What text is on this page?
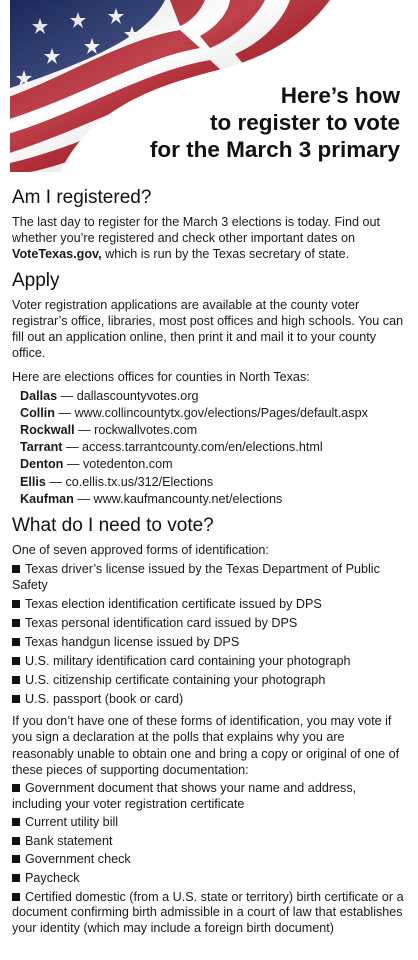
Here’s how
to register to vote
for the March 3 primary
Am I registered?

The last day to register for the March 3 elections is today. Find out whether you’re registered and check other important dates on VoteTexas.gov, which is run by the Texas secretary of state.

Apply

Voter registration applications are available at the county voter registrar’s office, libraries, most post offices and high schools. You can fill out an application online, then print it and mail it to your county office.

Here are elections offices for counties in North Texas:

Dallas — dallascountyvotes.org
Collin — www.collincountytx.gov/elections/Pages/default.aspx
Rockwall — rockwallvotes.com
Tarrant — access.tarrantcounty.com/en/elections.html
Denton — votedenton.com
Ellis — co.ellis.tx.us/312/Elections
Kaufman — www.kaufmancounty.net/elections
What do I need to vote?

One of seven approved forms of identification:

Texas driver’s license issued by the Texas Department of Public Safety
Texas election identification certificate issued by DPS
Texas personal identification card issued by DPS
Texas handgun license issued by DPS
U.S. military identification card containing your photograph
U.S. citizenship certificate containing your photograph
U.S. passport (book or card)

If you don’t have one of these forms of identification, you may vote if you sign a declaration at the polls that explains why you are reasonably unable to obtain one and bring a copy or original of one of these pieces of supporting documentation:

Government document that shows your name and address, including your voter registration certificate
Current utility bill
Bank statement
Government check
Paycheck
Certified domestic (from a U.S. state or territory) birth certificate or a document confirming birth admissible in a court of law that establishes your identity (which may include a foreign birth document)
